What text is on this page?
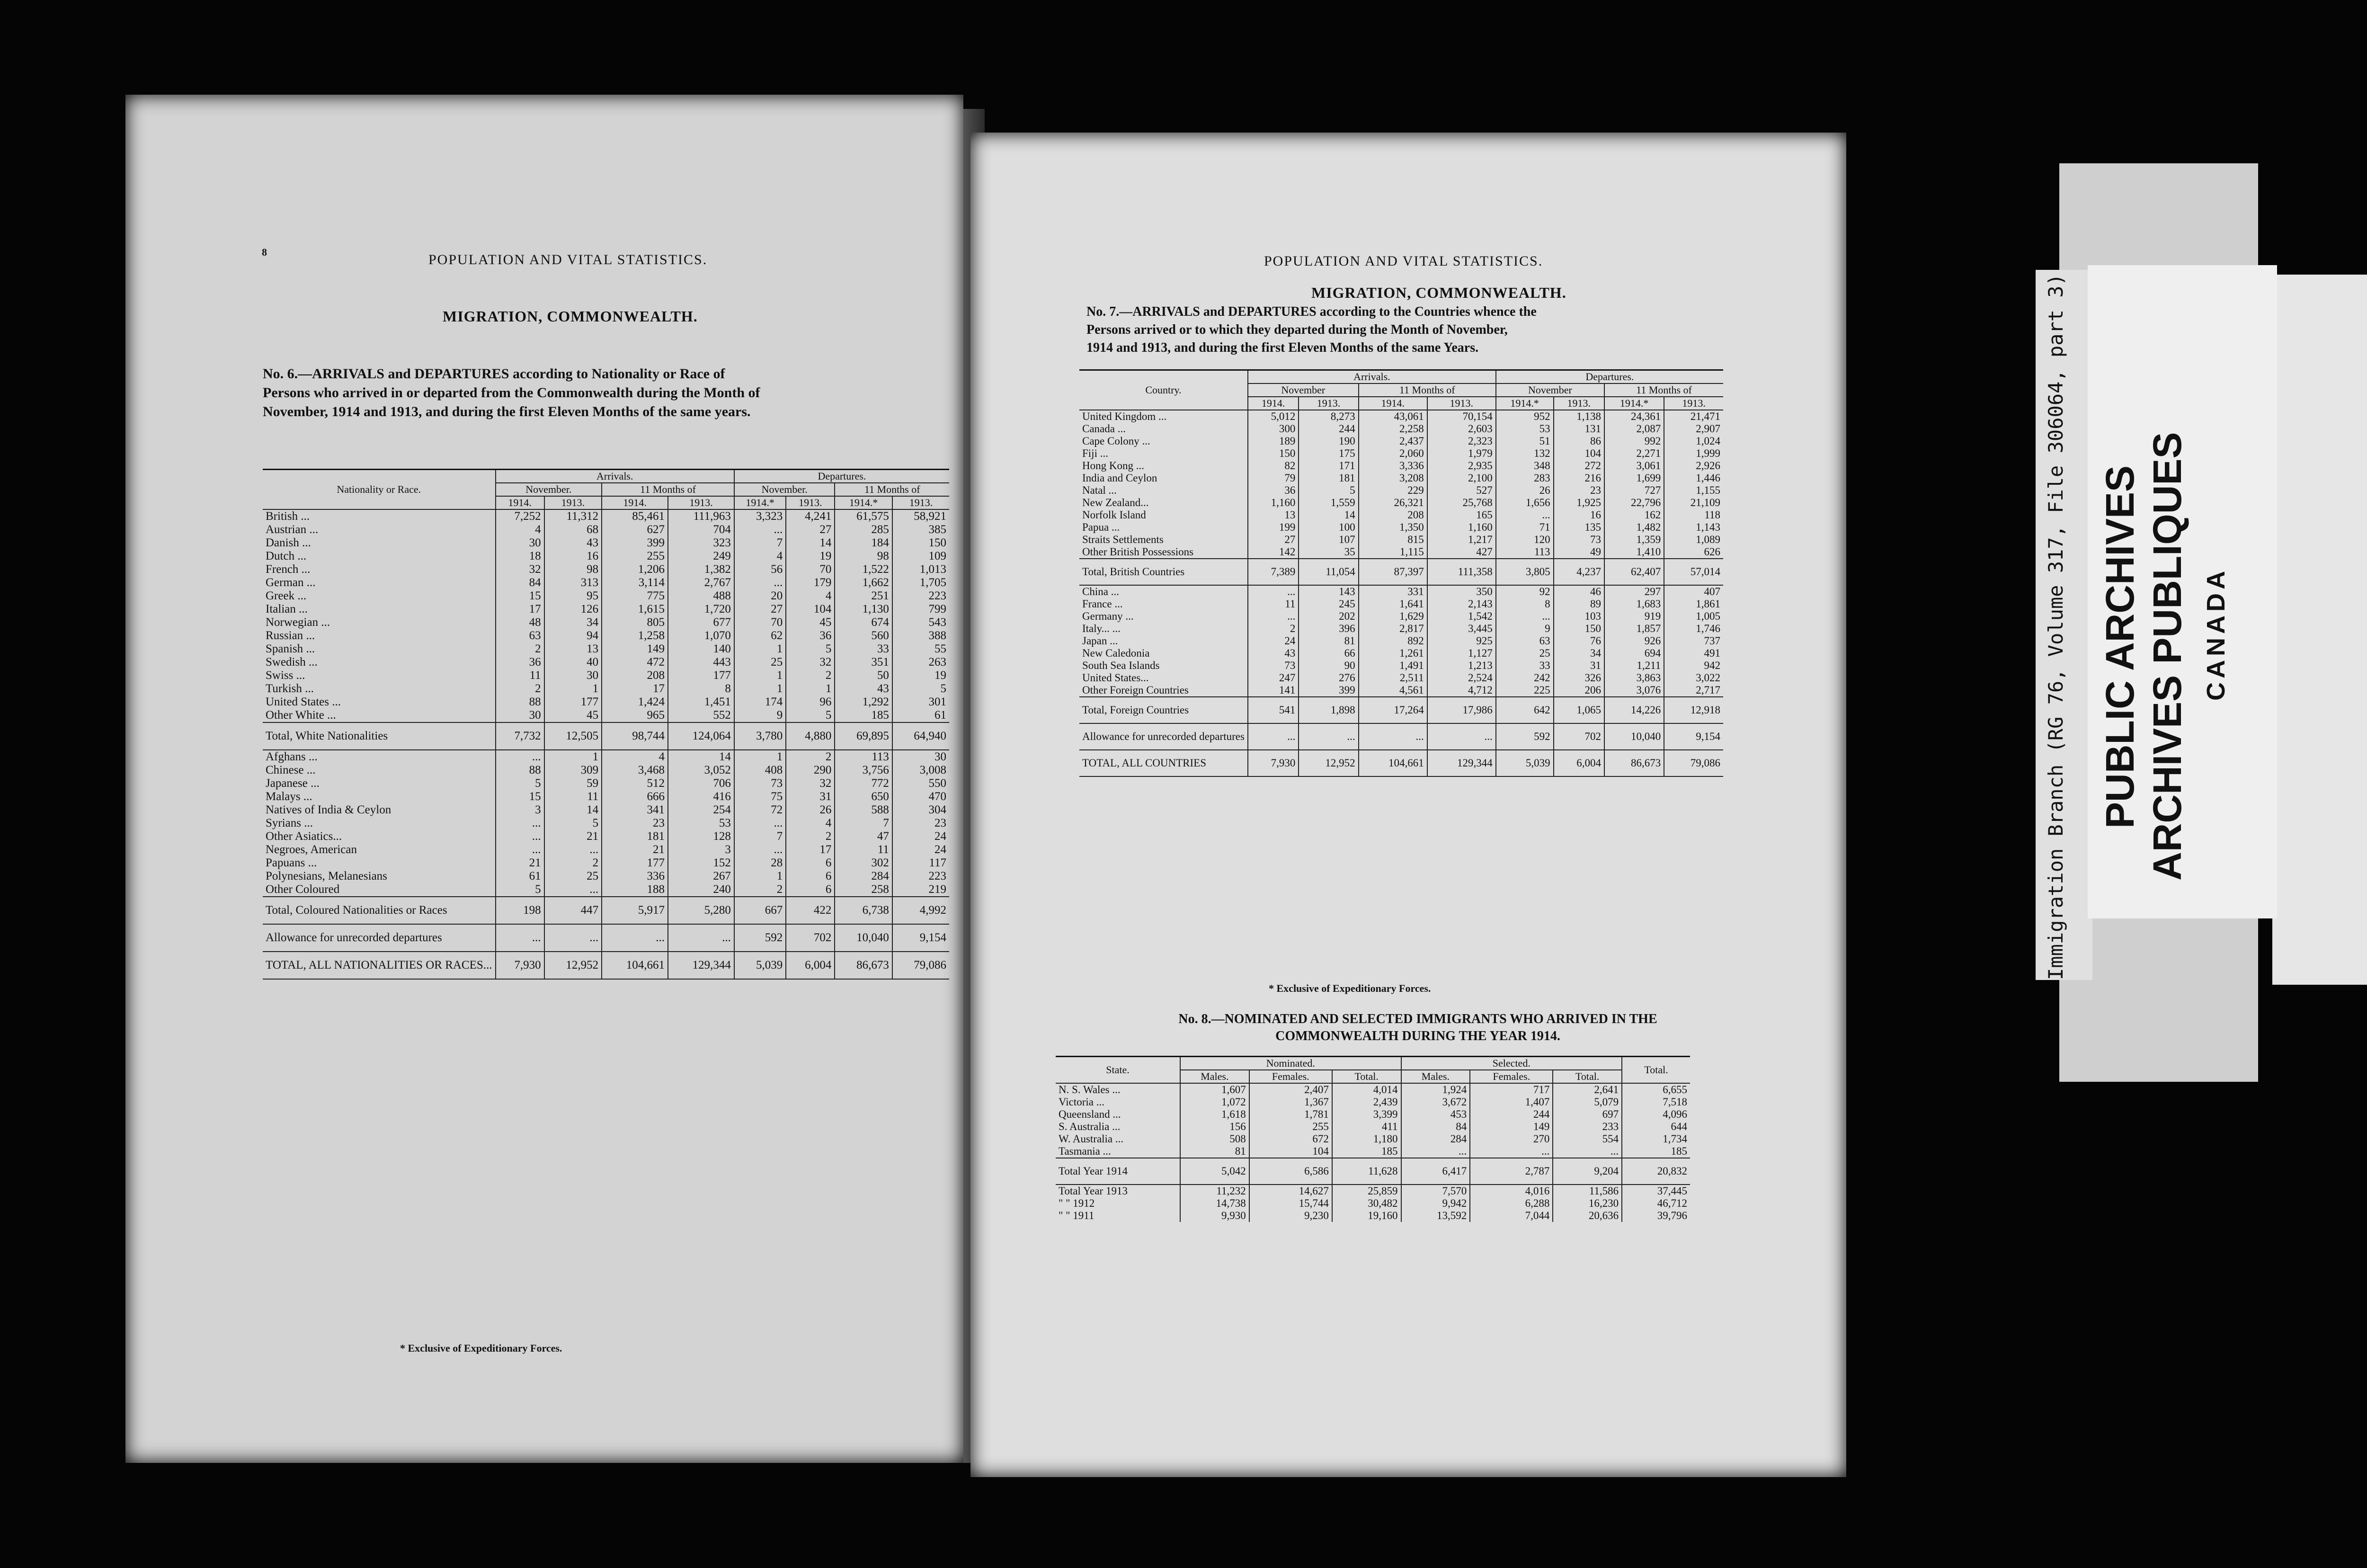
8	POPULATION AND VITAL STATISTICS.
MIGRATION, COMMONWEALTH.
No. 6.—ARRIVALS and DEPARTURES according to Nationality or Race of
Persons who arrived in or departed from the Commonwealth during the Month of
November, 1914 and 1913, and during the first Eleven Months of the same years.
Nationality or Race.	Arrivals.				Departures.			
	November.		11 Months of		November.		11 Months of	
	1914.	1913.	1914.	1913.	1914.*	1913.	1914.*	1913.
British ...	7,252	11,312	85,461	111,963	3,323	4,241	61,575	58,921
Austrian ...	4	68	627	704	...	27	285	385
Danish ...	30	43	399	323	7	14	184	150
Dutch ...	18	16	255	249	4	19	98	109
French ...	32	98	1,206	1,382	56	70	1,522	1,013
German ...	84	313	3,114	2,767	...	179	1,662	1,705
Greek ...	15	95	775	488	20	4	251	223
Italian ...	17	126	1,615	1,720	27	104	1,130	799
Norwegian ...	48	34	805	677	70	45	674	543
Russian ...	63	94	1,258	1,070	62	36	560	388
Spanish ...	2	13	149	140	1	5	33	55
Swedish ...	36	40	472	443	25	32	351	263
Swiss ...	11	30	208	177	1	2	50	19
Turkish ...	2	1	17	8	1	1	43	5
United States ...	88	177	1,424	1,451	174	96	1,292	301
Other White ...	30	45	965	552	9	5	185	61
Total, White Nationalities	7,732	12,505	98,744	124,064	3,780	4,880	69,895	64,940
Afghans ...	...	1	4	14	1	2	113	30
Chinese ...	88	309	3,468	3,052	408	290	3,756	3,008
Japanese ...	5	59	512	706	73	32	772	550
Malays ...	15	11	666	416	75	31	650	470
Natives of India & Ceylon	3	14	341	254	72	26	588	304
Syrians ...	...	5	23	53	...	4	7	23
Other Asiatics...	...	21	181	128	7	2	47	24
Negroes, American	...	...	21	3	...	17	11	24
Papuans ...	21	2	177	152	28	6	302	117
Polynesians, Melanesians	61	25	336	267	1	6	284	223
Other Coloured	5	...	188	240	2	6	258	219
Total, Coloured Nationalities or Races	198	447	5,917	5,280	667	422	6,738	4,992
Allowance for unrecorded departures	...	...	...	...	592	702	10,040	9,154
TOTAL, ALL NATIONALITIES OR RACES...	7,930	12,952	104,661	129,344	5,039	6,004	86,673	79,086
* Exclusive of Expeditionary Forces.
POPULATION AND VITAL STATISTICS.
MIGRATION, COMMONWEALTH.
No. 7.—ARRIVALS and DEPARTURES according to the Countries whence the
Persons arrived or to which they departed during the Month of November,
1914 and 1913, and during the first Eleven Months of the same Years.
Country.	Arrivals.				Departures.			
	November		11 Months of		November		11 Months of	
	1914.	1913.	1914.	1913.	1914.*	1913.	1914.*	1913.
United Kingdom ...	5,012	8,273	43,061	70,154	952	1,138	24,361	21,471
Canada ...	300	244	2,258	2,603	53	131	2,087	2,907
Cape Colony ...	189	190	2,437	2,323	51	86	992	1,024
Fiji ...	150	175	2,060	1,979	132	104	2,271	1,999
Hong Kong ...	82	171	3,336	2,935	348	272	3,061	2,926
India and Ceylon	79	181	3,208	2,100	283	216	1,699	1,446
Natal ...	36	5	229	527	26	23	727	1,155
New Zealand...	1,160	1,559	26,321	25,768	1,656	1,925	22,796	21,109
Norfolk Island	13	14	208	165	...	16	162	118
Papua ...	199	100	1,350	1,160	71	135	1,482	1,143
Straits Settlements	27	107	815	1,217	120	73	1,359	1,089
Other British Possessions	142	35	1,115	427	113	49	1,410	626
Total, British Countries	7,389	11,054	87,397	111,358	3,805	4,237	62,407	57,014
China ...	...	143	331	350	92	46	297	407
France ...	11	245	1,641	2,143	8	89	1,683	1,861
Germany ...	...	202	1,629	1,542	...	103	919	1,005
Italy... ...	2	396	2,817	3,445	9	150	1,857	1,746
Japan ...	24	81	892	925	63	76	926	737
New Caledonia	43	66	1,261	1,127	25	34	694	491
South Sea Islands	73	90	1,491	1,213	33	31	1,211	942
United States...	247	276	2,511	2,524	242	326	3,863	3,022
Other Foreign Countries	141	399	4,561	4,712	225	206	3,076	2,717
Total, Foreign Countries	541	1,898	17,264	17,986	642	1,065	14,226	12,918
Allowance for unrecorded departures	...	...	...	...	592	702	10,040	9,154
TOTAL, ALL COUNTRIES	7,930	12,952	104,661	129,344	5,039	6,004	86,673	79,086
* Exclusive of Expeditionary Forces.
No. 8.—NOMINATED AND SELECTED IMMIGRANTS WHO ARRIVED IN THE
COMMONWEALTH DURING THE YEAR 1914.
State.	Nominated.			Selected.			Total.
	Males.	Females.	Total.	Males.	Females.	Total.	
N. S. Wales ...	1,607	2,407	4,014	1,924	717	2,641	6,655
Victoria ...	1,072	1,367	2,439	3,672	1,407	5,079	7,518
Queensland ...	1,618	1,781	3,399	453	244	697	4,096
S. Australia ...	156	255	411	84	149	233	644
W. Australia ...	508	672	1,180	284	270	554	1,734
Tasmania ...	81	104	185	...	...	...	185
Total Year 1914	5,042	6,586	11,628	6,417	2,787	9,204	20,832
Total Year 1913	11,232	14,627	25,859	7,570	4,016	11,586	37,445
" " 1912	14,738	15,744	30,482	9,942	6,288	16,230	46,712
" " 1911	9,930	9,230	19,160	13,592	7,044	20,636	39,796
Immigration Branch (RG 76, Volume 317, File 306064, part 3) PUBLIC ARCHIVES ARCHIVES PUBLIQUES CANADA
